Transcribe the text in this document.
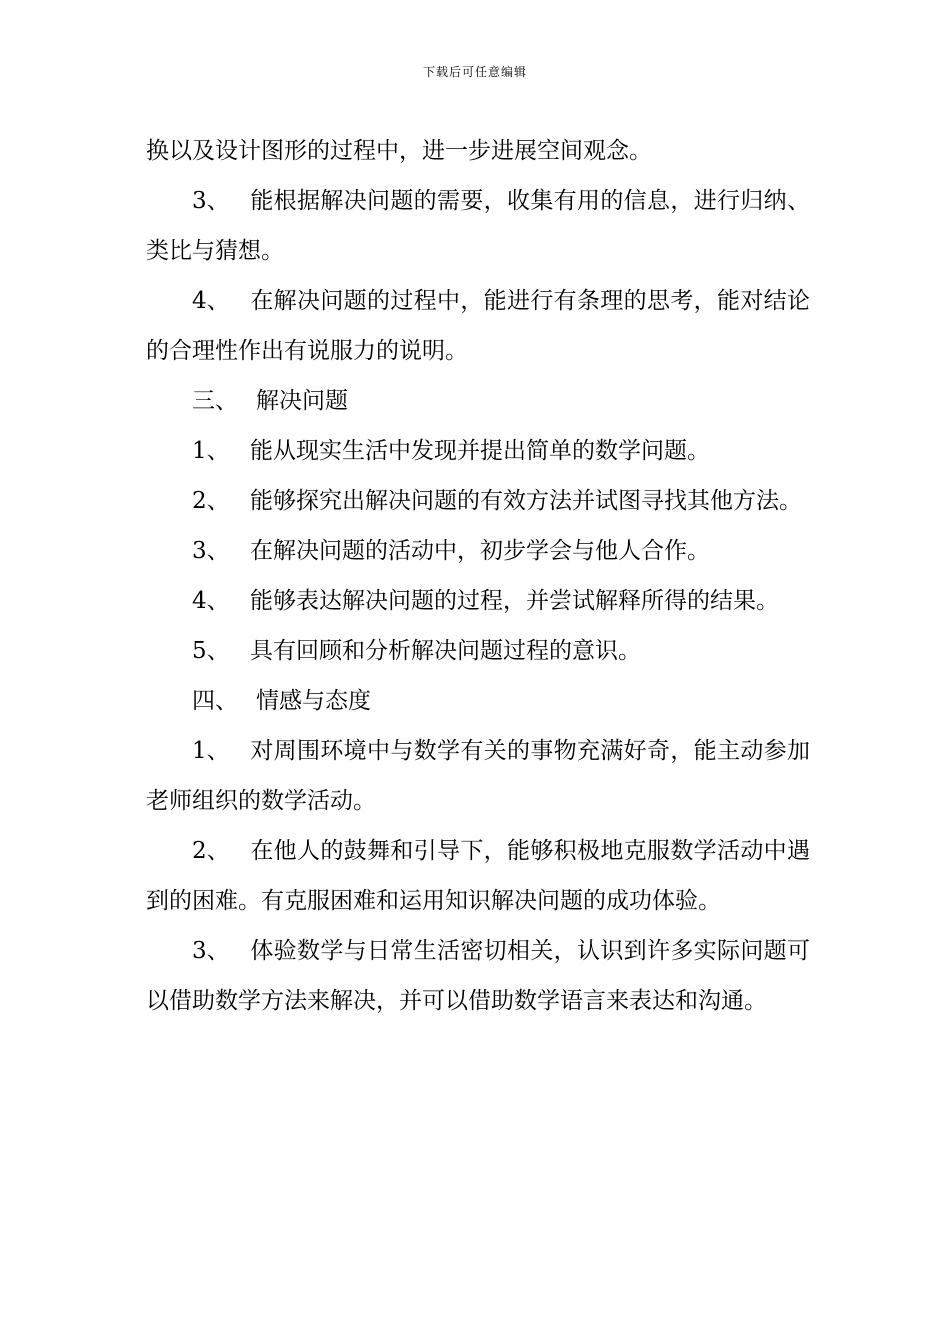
下载后可任意编辑

换以及设计图形的过程中，进一步进展空间观念。

3、 能根据解决问题的需要，收集有用的信息，进行归纳、类比与猜想。

4、 在解决问题的过程中，能进行有条理的思考，能对结论的合理性作出有说服力的说明。

三、 解决问题

1、 能从现实生活中发现并提出简单的数学问题。

2、 能够探究出解决问题的有效方法并试图寻找其他方法。

3、 在解决问题的活动中，初步学会与他人合作。

4、 能够表达解决问题的过程，并尝试解释所得的结果。

5、 具有回顾和分析解决问题过程的意识。

四、 情感与态度

1、 对周围环境中与数学有关的事物充满好奇，能主动参加老师组织的数学活动。

2、 在他人的鼓舞和引导下，能够积极地克服数学活动中遇到的困难。有克服困难和运用知识解决问题的成功体验。

3、 体验数学与日常生活密切相关，认识到许多实际问题可以借助数学方法来解决，并可以借助数学语言来表达和沟通。
